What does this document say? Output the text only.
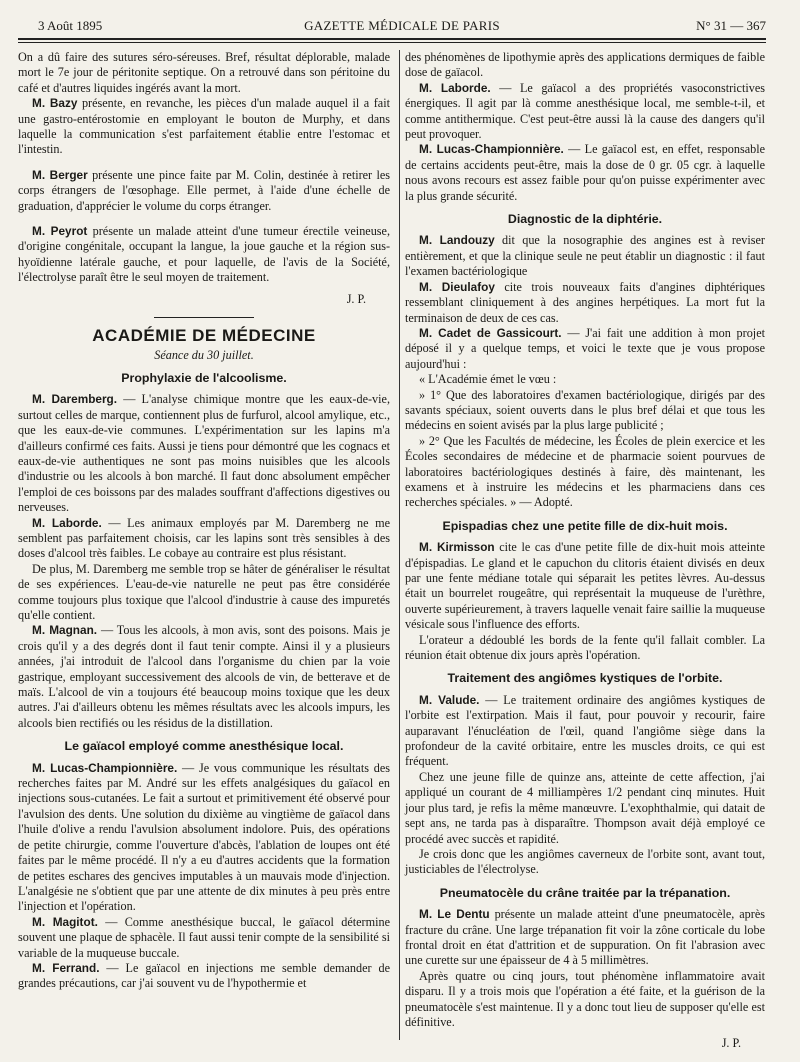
3 Août 1895	GAZETTE MÉDICALE DE PARIS	N° 31 — 367

On a dû faire des sutures séro-séreuses. Bref, résultat déplorable, malade mort le 7e jour de péritonite septique. On a retrouvé dans son péritoine du café et d'autres liquides ingérés avant la mort.

M. Bazy présente, en revanche, les pièces d'un malade auquel il a fait une gastro-entérostomie en employant le bouton de Murphy, et dans laquelle la communication s'est parfaitement établie entre l'estomac et l'intestin.

M. Berger présente une pince faite par M. Colin, destinée à retirer les corps étrangers de l'œsophage. Elle permet, à l'aide d'une échelle de graduation, d'apprécier le volume du corps étranger.

M. Peyrot présente un malade atteint d'une tumeur érectile veineuse, d'origine congénitale, occupant la langue, la joue gauche et la région sus-hyoïdienne latérale gauche, et pour laquelle, de l'avis de la Société, l'électrolyse paraît être le seul moyen de traitement.

J. P.

ACADÉMIE DE MÉDECINE
Séance du 30 juillet.
Prophylaxie de l'alcoolisme.

M. Daremberg. — L'analyse chimique montre que les eaux-de-vie, surtout celles de marque, contiennent plus de furfurol, alcool amylique, etc., que les eaux-de-vie communes. L'expérimentation sur les lapins m'a d'ailleurs confirmé ces faits. Aussi je tiens pour démontré que les cognacs et eaux-de-vie authentiques ne sont pas moins nuisibles que les alcools d'industrie ou les alcools à bon marché. Il faut donc absolument empêcher l'emploi de ces boissons par des malades souffrant d'affections digestives ou nerveuses.

M. Laborde. — Les animaux employés par M. Daremberg ne me semblent pas parfaitement choisis, car les lapins sont très sensibles à des doses d'alcool très faibles. Le cobaye au contraire est plus résistant.

De plus, M. Daremberg me semble trop se hâter de généraliser le résultat de ses expériences. L'eau-de-vie naturelle ne peut pas être considérée comme toujours plus toxique que l'alcool d'industrie à cause des impuretés qu'elle contient.

M. Magnan. — Tous les alcools, à mon avis, sont des poisons. Mais je crois qu'il y a des degrés dont il faut tenir compte. Ainsi il y a plusieurs années, j'ai introduit de l'alcool dans l'organisme du chien par la voie gastrique, employant successivement des alcools de vin, de betterave et de maïs. L'alcool de vin a toujours été beaucoup moins toxique que les deux autres. J'ai d'ailleurs obtenu les mêmes résultats avec les alcools impurs, les alcools bien rectifiés ou les résidus de la distillation.

Le gaïacol employé comme anesthésique local.

M. Lucas-Championnière. — Je vous communique les résultats des recherches faites par M. André sur les effets analgésiques du gaïacol en injections sous-cutanées. Le fait a surtout et primitivement été observé pour l'avulsion des dents. Une solution du dixième au vingtième de gaïacol dans l'huile d'olive a rendu l'avulsion absolument indolore. Puis, des opérations de petite chirurgie, comme l'ouverture d'abcès, l'ablation de loupes ont été faites par le même procédé. Il n'y a eu d'autres accidents que la formation de petites eschares des gencives imputables à un mauvais mode d'injection. L'analgésie ne s'obtient que par une attente de dix minutes à peu près entre l'injection et l'opération.

M. Magitot. — Comme anesthésique buccal, le gaïacol détermine souvent une plaque de sphacèle. Il faut aussi tenir compte de la sensibilité si variable de la muqueuse buccale.

M. Ferrand. — Le gaïacol en injections me semble demander de grandes précautions, car j'ai souvent vu de l'hypothermie et

des phénomènes de lipothymie après des applications dermiques de faible dose de gaïacol.

M. Laborde. — Le gaïacol a des propriétés vasoconstrictives énergiques. Il agit par là comme anesthésique local, me semble-t-il, et comme antithermique. C'est peut-être aussi là la cause des dangers qu'il peut provoquer.

M. Lucas-Championnière. — Le gaïacol est, en effet, responsable de certains accidents peut-être, mais la dose de 0 gr. 05 cgr. à laquelle nous avons recours est assez faible pour qu'on puisse expérimenter avec la plus grande sécurité.

Diagnostic de la diphtérie.

M. Landouzy dit que la nosographie des angines est à reviser entièrement, et que la clinique seule ne peut établir un diagnostic : il faut l'examen bactériologique

M. Dieulafoy cite trois nouveaux faits d'angines diphtériques ressemblant cliniquement à des angines herpétiques. La mort fut la terminaison de deux de ces cas.

M. Cadet de Gassicourt. — J'ai fait une addition à mon projet déposé il y a quelque temps, et voici le texte que je vous propose aujourd'hui :

« L'Académie émet le vœu :

» 1° Que des laboratoires d'examen bactériologique, dirigés par des savants spéciaux, soient ouverts dans le plus bref délai et que tous les médecins en soient avisés par la plus large publicité ;

» 2° Que les Facultés de médecine, les Écoles de plein exercice et les Écoles secondaires de médecine et de pharmacie soient pourvues de laboratoires bactériologiques destinés à faire, dès maintenant, les examens et à instruire les médecins et les pharmaciens dans ces recherches spéciales. » — Adopté.

Epispadias chez une petite fille de dix-huit mois.

M. Kirmisson cite le cas d'une petite fille de dix-huit mois atteinte d'épispadias. Le gland et le capuchon du clitoris étaient divisés en deux par une fente médiane totale qui séparait les petites lèvres. Au-dessus était un bourrelet rougeâtre, qui représentait la muqueuse de l'urèthre, ouverte supérieurement, à travers laquelle venait faire saillie la muqueuse vésicale sous l'influence des efforts.

L'orateur a dédoublé les bords de la fente qu'il fallait combler. La réunion était obtenue dix jours après l'opération.

Traitement des angiômes kystiques de l'orbite.

M. Valude. — Le traitement ordinaire des angiômes kystiques de l'orbite est l'extirpation. Mais il faut, pour pouvoir y recourir, faire auparavant l'énucléation de l'œil, quand l'angiôme siège dans la profondeur de la cavité orbitaire, entre les muscles droits, ce qui est fréquent.

Chez une jeune fille de quinze ans, atteinte de cette affection, j'ai appliqué un courant de 4 milliampères 1/2 pendant cinq minutes. Huit jour plus tard, je refis la même manœuvre. L'exophthalmie, qui datait de sept ans, ne tarda pas à disparaître. Thompson avait déjà employé ce procédé avec succès et rapidité.

Je crois donc que les angiômes caverneux de l'orbite sont, avant tout, justiciables de l'électrolyse.

Pneumatocèle du crâne traitée par la trépanation.

M. Le Dentu présente un malade atteint d'une pneumatocèle, après fracture du crâne. Une large trépanation fit voir la zône corticale du lobe frontal droit en état d'attrition et de suppuration. On fit l'abrasion avec une curette sur une épaisseur de 4 à 5 millimètres.

Après quatre ou cinq jours, tout phénomène inflammatoire avait disparu. Il y a trois mois que l'opération a été faite, et la guérison de la pneumatocèle s'est maintenue. Il y a donc tout lieu de supposer qu'elle est définitive.

J. P.
